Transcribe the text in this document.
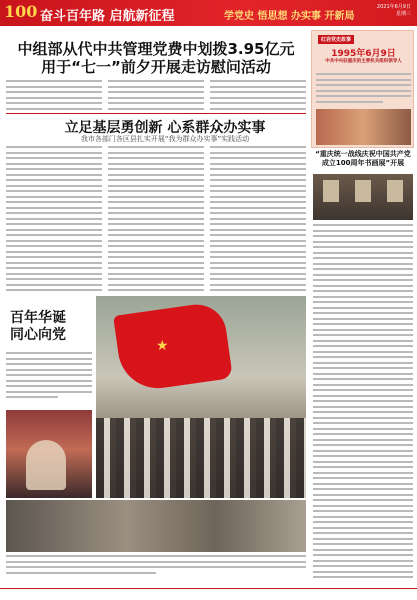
100 奋斗百年路 启航新征程	学党史 悟思想 办实事 开新局
2021年6月9日
星期三
中组部从代中共管理党费中划拨3.95亿元
用于“七一”前夕开展走访慰问活动
立足基层勇创新 心系群众办实事
我市各部门各区县扎实开展“我为群众办实事”实践活动
百年华诞
同心向党
★
红岩党史故事
1995年6月9日
中共中央驻重庆的主要机关组织领导人
“重庆统一战线庆祝中国共产党成立100周年书画展”开展
